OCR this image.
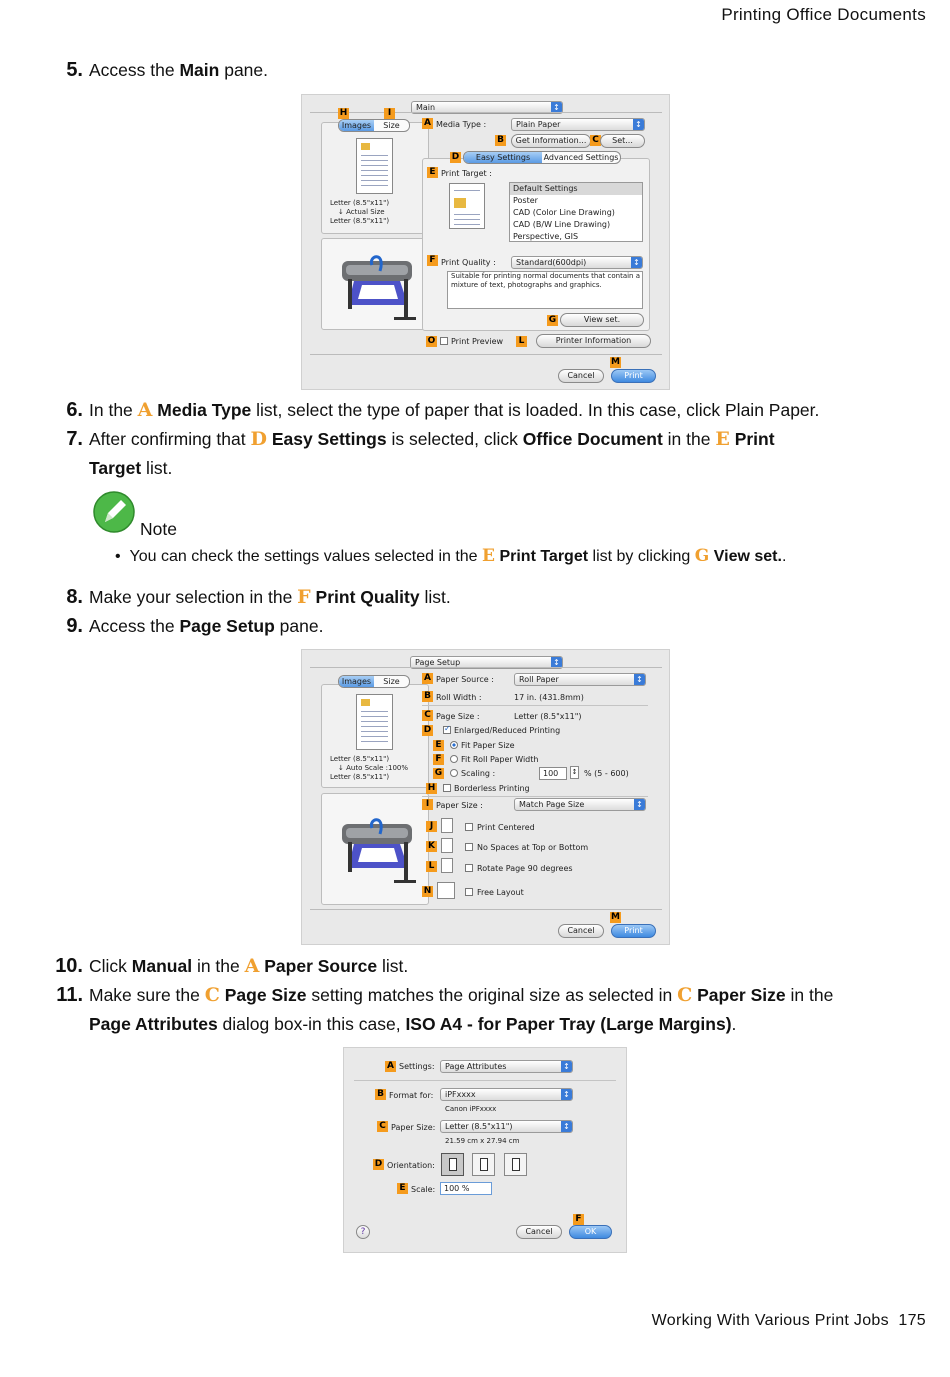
Printing Office Documents
5. Access the Main pane.
Main ↕
H	I
Images	Size
Letter (8.5"x11")
↓ Actual Size
Letter (8.5"x11")
A Media Type :	Plain Paper ↕
B	Get Information... C	Set...
D	Easy Settings	Advanced Settings
E Print Target :
Default Settings
Poster
CAD (Color Line Drawing)
CAD (B/W Line Drawing)
Perspective, GIS
F Print Quality :	Standard(600dpi) ↕
Suitable for printing normal documents that contain a mixture of text, photographs and graphics.
G	View set.
O Print Preview L	Printer Information
M
Cancel	Print
6. In the A Media Type list, select the type of paper that is loaded. In this case, click Plain Paper.
7. After confirming that D Easy Settings is selected, click Office Document in the E Print
Target list.
Note
• You can check the settings values selected in the E Print Target list by clicking G View set..
8. Make your selection in the F Print Quality list.
9. Access the Page Setup pane.
Page Setup ↕
Images	Size
Letter (8.5"x11")
↓ Auto Scale :100%
Letter (8.5"x11")
A Paper Source :	Roll Paper ↕
B Roll Width :	17 in. (431.8mm)
C Page Size :	Letter (8.5"x11")
D
✓	Enlarged/Reduced Printing
E	Fit Paper Size
F	Fit Roll Paper Width
G Scaling :	100	↕ % (5 - 600)
H Borderless Printing
I Paper Size :	Match Page Size ↕
J	Print Centered
K	No Spaces at Top or Bottom
L	Rotate Page 90 degrees
N	Free Layout
M
Cancel	Print
10. Click Manual in the A Paper Source list.
11. Make sure the C Page Size setting matches the original size as selected in C Paper Size in the
Page Attributes dialog box-in this case, ISO A4 - for Paper Tray (Large Margins).
A Settings:	Page Attributes ↕
B Format for:	iPFxxxx ↕
Canon iPFxxxx
C Paper Size:	Letter (8.5"x11") ↕
21.59 cm x 27.94 cm
D Orientation:
E Scale:	100 %
?
F
Cancel	OK
Working With Various Print Jobs 175
